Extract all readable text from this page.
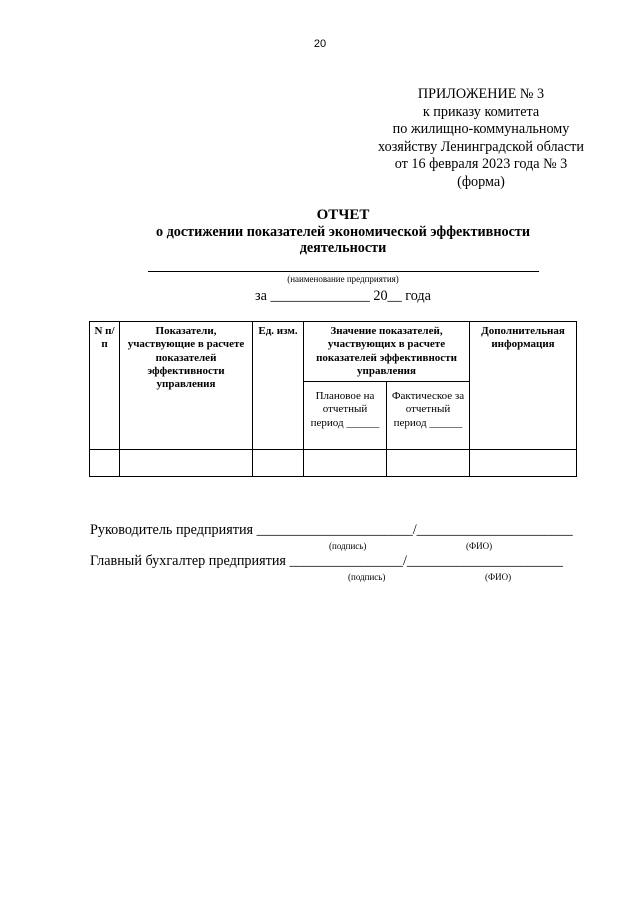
20
ПРИЛОЖЕНИЕ № 3
к приказу комитета
по жилищно-коммунальному
хозяйству Ленинградской области
от 16 февраля 2023 года № 3
(форма)
ОТЧЕТ
о достижении показателей экономической эффективности
деятельности
(наименование предприятия)
за ______________ 20__ года
N п/п	Показатели, участвующие в расчете показателей эффективности управления	Ед. изм.	Значение показателей, участвующих в расчете показателей эффективности управления		Дополнительная информация
			Плановое на отчетный период ______	Фактическое за отчетный период ______	

Руководитель предприятия ______________________/______________________
(подпись)	(ФИО)
Главный бухгалтер предприятия ________________/______________________
(подпись)	(ФИО)
